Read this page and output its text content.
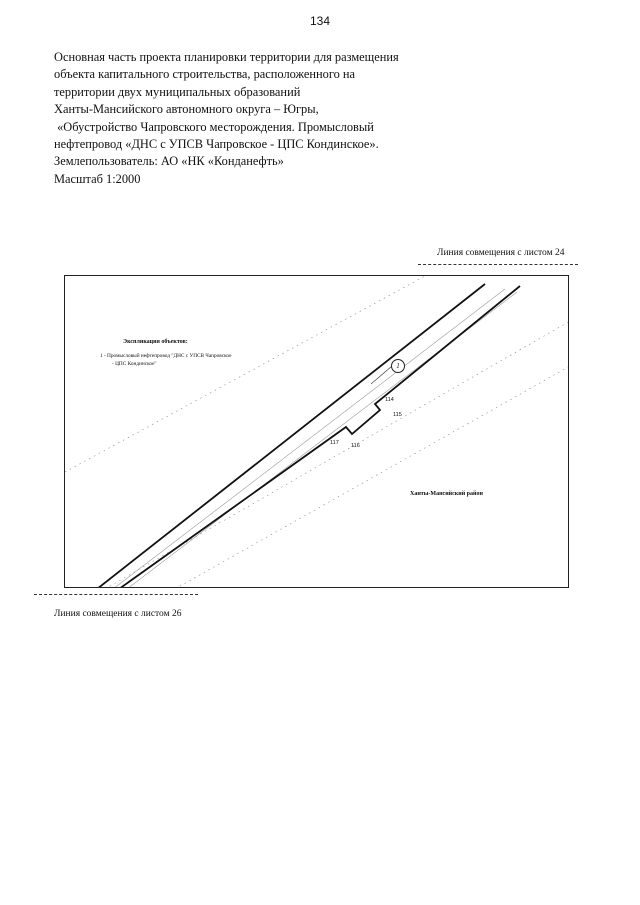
134
Основная часть проекта планировки территории для размещения
объекта капитального строительства, расположенного на
территории двух муниципальных образований
Ханты-Мансийского автономного округа – Югры,
«Обустройство Чапровского месторождения. Промысловый
нефтепровод «ДНС с УПСВ Чапровское - ЦПС Кондинское».
Землепользователь: АО «НК «Конданефть»
Масштаб 1:2000
Линия совмещения с листом 24
1
Экспликация объектов:
1 - Промысловый нефтепровод "ДНС с УПСВ Чапровское
- ЦПС Кондинское"
Ханты-Мансийский район
114
115
116
117
Линия совмещения с листом 26
